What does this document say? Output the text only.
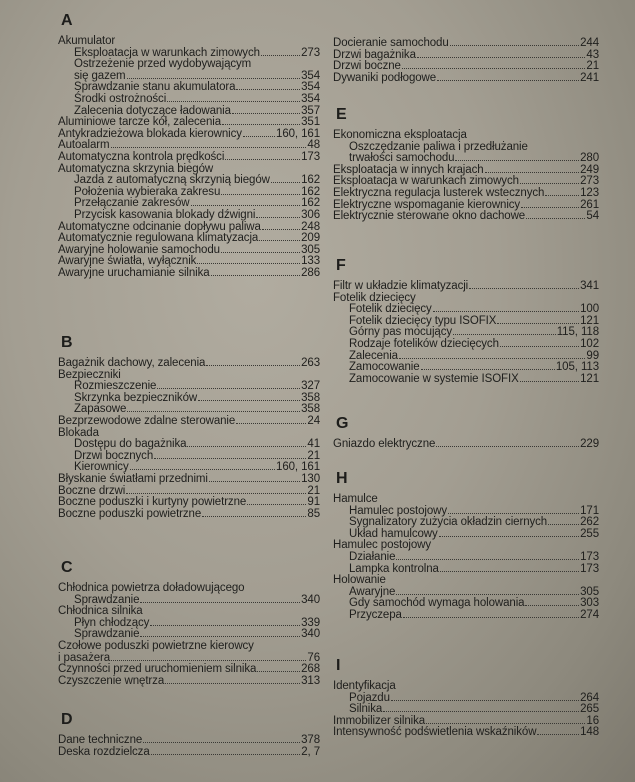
A
Akumulator
Eksploatacja w warunkach zimowych	273
Ostrzeżenie przed wydobywającym
się gazem	354
Sprawdzanie stanu akumulatora	354
Środki ostrożności	354
Zalecenia dotyczące ładowania	357
Aluminiowe tarcze kół, zalecenia	351
Antykradzieżowa blokada kierownicy	160, 161
Autoalarm	48
Automatyczna kontrola prędkości	173
Automatyczna skrzynia biegów
Jazda z automatyczną skrzynią biegów	162
Położenia wybieraka zakresu	162
Przełączanie zakresów	162
Przycisk kasowania blokady dźwigni	306
Automatyczne odcinanie dopływu paliwa	248
Automatycznie regulowana klimatyzacja	209
Awaryjne holowanie samochodu	305
Awaryjne światła, wyłącznik	133
Awaryjne uruchamianie silnika	286
B
Bagażnik dachowy, zalecenia	263
Bezpieczniki
Rozmieszczenie	327
Skrzynka bezpieczników	358
Zapasowe	358
Bezprzewodowe zdalne sterowanie	24
Blokada
Dostępu do bagażnika	41
Drzwi bocznych	21
Kierownicy	160, 161
Błyskanie światłami przednimi	130
Boczne drzwi	21
Boczne poduszki i kurtyny powietrzne	91
Boczne poduszki powietrzne	85
C
Chłodnica powietrza doładowującego
Sprawdzanie	340
Chłodnica silnika
Płyn chłodzący	339
Sprawdzanie	340
Czołowe poduszki powietrzne kierowcy
i pasażera	76
Czynności przed uruchomieniem silnika	268
Czyszczenie wnętrza	313
D
Dane techniczne	378
Deska rozdzielcza	2, 7
Docieranie samochodu	244
Drzwi bagażnika	43
Drzwi boczne	21
Dywaniki podłogowe	241
E
Ekonomiczna eksploatacja
Oszczędzanie paliwa i przedłużanie
trwałości samochodu	280
Eksploatacja w innych krajach	249
Eksploatacja w warunkach zimowych	273
Elektryczna regulacja lusterek wstecznych	123
Elektryczne wspomaganie kierownicy	261
Elektrycznie sterowane okno dachowe	54
F
Filtr w układzie klimatyzacji	341
Fotelik dziecięcy
Fotelik dziecięcy	100
Fotelik dziecięcy typu ISOFIX	121
Górny pas mocujący	115, 118
Rodzaje fotelików dziecięcych	102
Zalecenia	99
Zamocowanie	105, 113
Zamocowanie w systemie ISOFIX	121
G
Gniazdo elektryczne	229
H
Hamulce
Hamulec postojowy	171
Sygnalizatory zużycia okładzin ciernych	262
Układ hamulcowy	255
Hamulec postojowy
Działanie	173
Lampka kontrolna	173
Holowanie
Awaryjne	305
Gdy samochód wymaga holowania	303
Przyczepa	274
I
Identyfikacja
Pojazdu	264
Silnika	265
Immobilizer silnika	16
Intensywność podświetlenia wskaźników	148
